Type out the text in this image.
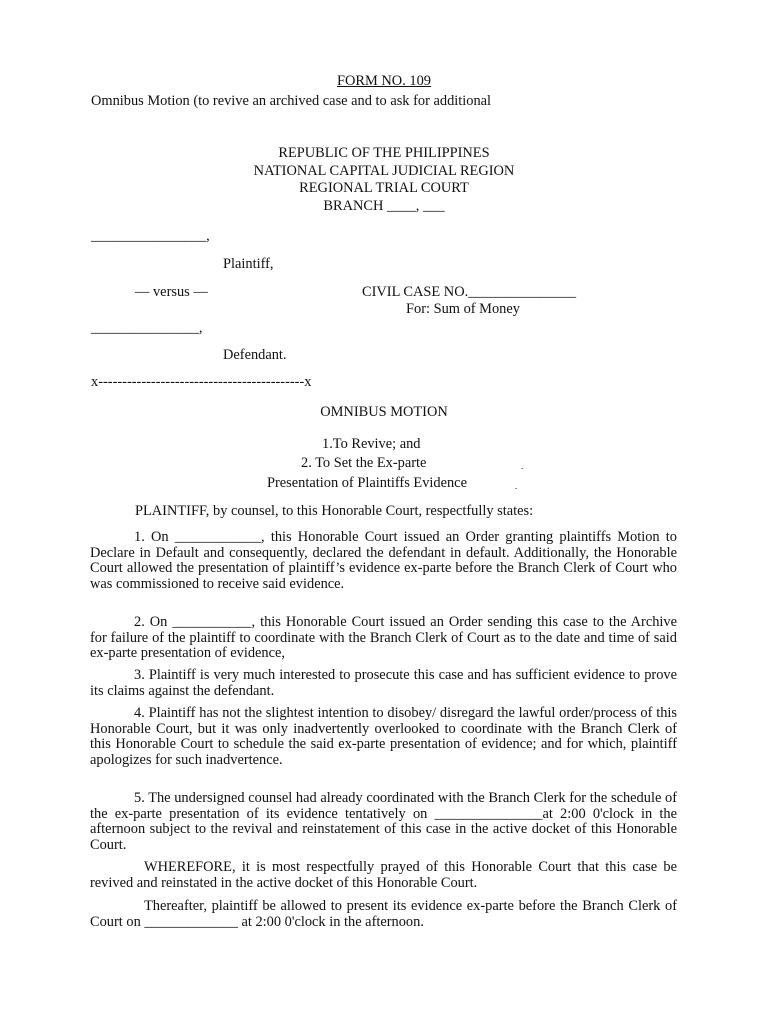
FORM NO. 109
Omnibus Motion (to revive an archived case and to ask for additional
REPUBLIC OF THE PHILIPPINES
NATIONAL CAPITAL JUDICIAL REGION
REGIONAL TRIAL COURT
BRANCH ____, ___
________________,
Plaintiff,
— versus —	CIVIL CASE NO._______________
For: Sum of Money
_______________,
Defendant.
x-------------------------------------------x
OMNIBUS MOTION
1.To Revive; and
2. To Set the Ex-parte	.
Presentation of Plaintiffs Evidence	.
PLAINTIFF, by counsel, to this Honorable Court, respectfully states:
1. On ____________, this Honorable Court issued an Order granting plaintiffs Motion to Declare in Default and consequently, declared the defendant in default. Additionally, the Honorable Court allowed the presentation of plaintiff’s evidence ex-parte before the Branch Clerk of Court who was commissioned to receive said evidence.
2. On ___________, this Honorable Court issued an Order sending this case to the Archive for failure of the plaintiff to coordinate with the Branch Clerk of Court as to the date and time of said ex-parte presentation of evidence,
3. Plaintiff is very much interested to prosecute this case and has sufficient evidence to prove its claims against the defendant.
4. Plaintiff has not the slightest intention to disobey/ disregard the lawful order/process of this Honorable Court, but it was only inadvertently overlooked to coordinate with the Branch Clerk of this Honorable Court to schedule the said ex-parte presentation of evidence; and for which, plaintiff apologizes for such inadvertence.
5. The undersigned counsel had already coordinated with the Branch Clerk for the schedule of the ex-parte presentation of its evidence tentatively on _______________at 2:00 0'clock in the afternoon subject to the revival and reinstatement of this case in the active docket of this Honorable Court.
WHEREFORE, it is most respectfully prayed of this Honorable Court that this case be revived and reinstated in the active docket of this Honorable Court.
Thereafter, plaintiff be allowed to present its evidence ex-parte before the Branch Clerk of Court on _____________ at 2:00 0'clock in the afternoon.
